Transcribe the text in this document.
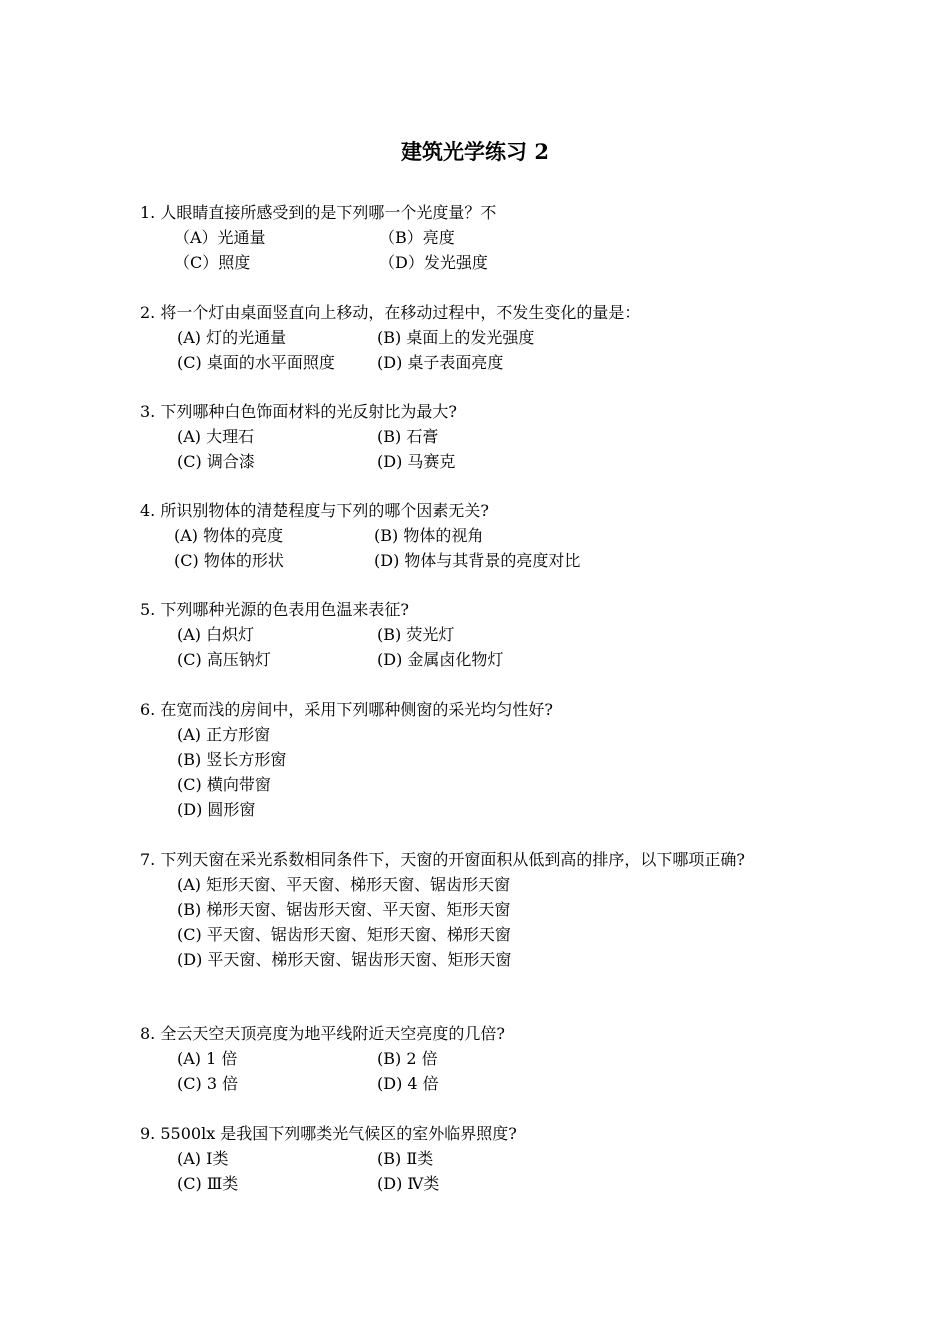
建筑光学练习 2
1. 人眼睛直接所感受到的是下列哪一个光度量？不
（A）光通量	（B）亮度
（C）照度	（D）发光强度
2. 将一个灯由桌面竖直向上移动，在移动过程中，不发生变化的量是：
(A) 灯的光通量	(B) 桌面上的发光强度
(C) 桌面的水平面照度	(D) 桌子表面亮度
3. 下列哪种白色饰面材料的光反射比为最大?
(A) 大理石	(B) 石膏
(C) 调合漆	(D) 马赛克
4. 所识别物体的清楚程度与下列的哪个因素无关?
(A) 物体的亮度	(B) 物体的视角
(C) 物体的形状	(D) 物体与其背景的亮度对比
5. 下列哪种光源的色表用色温来表征?
(A) 白炽灯	(B) 荧光灯
(C) 高压钠灯	(D) 金属卤化物灯
6. 在宽而浅的房间中，采用下列哪种侧窗的采光均匀性好?
(A) 正方形窗
(B) 竖长方形窗
(C) 横向带窗
(D) 圆形窗
7. 下列天窗在采光系数相同条件下，天窗的开窗面积从低到高的排序，以下哪项正确?
(A) 矩形天窗、平天窗、梯形天窗、锯齿形天窗
(B) 梯形天窗、锯齿形天窗、平天窗、矩形天窗
(C) 平天窗、锯齿形天窗、矩形天窗、梯形天窗
(D) 平天窗、梯形天窗、锯齿形天窗、矩形天窗
8. 全云天空天顶亮度为地平线附近天空亮度的几倍?
(A) 1 倍	(B) 2 倍
(C) 3 倍	(D) 4 倍
9. 5500lx 是我国下列哪类光气候区的室外临界照度?
(A) Ⅰ类	(B) Ⅱ类
(C) Ⅲ类	(D) Ⅳ类
